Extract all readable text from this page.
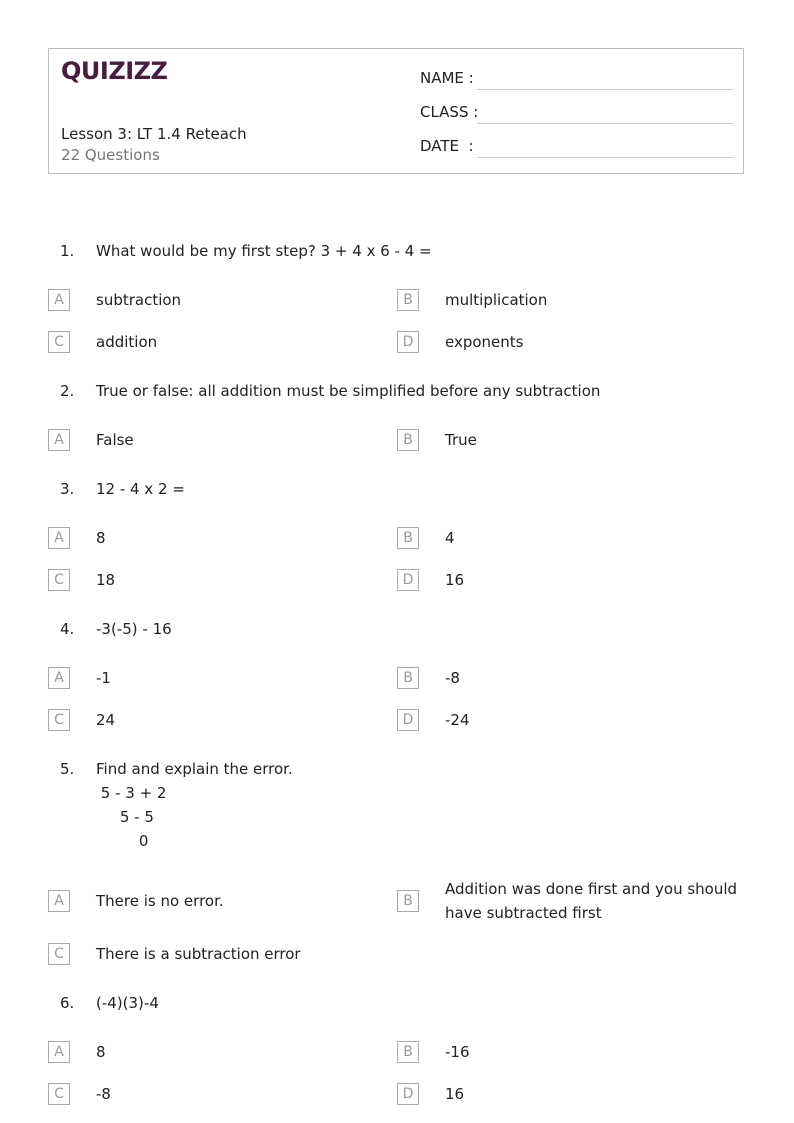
QUIZIZZ
Lesson 3: LT 1.4 Reteach
22 Questions
NAME :
CLASS :
DATE  :
1. What would be my first step? 3 + 4 x 6 - 4 =
A	subtraction	B	multiplication
C	addition	D	exponents
2. True or false: all addition must be simplified before any subtraction
A	False	B	True
3. 12 - 4 x 2 =
A	8	B	4
C	18	D	16
4. -3(-5) - 16
A	-1	B	-8
C	24	D	-24
5. Find and explain the error.
5 - 3 + 2
5 - 5
0
A	There is no error.	B
Addition was done first and you should have subtracted first
C	There is a subtraction error
6. (-4)(3)-4
A	8	B	-16
C	-8	D	16
